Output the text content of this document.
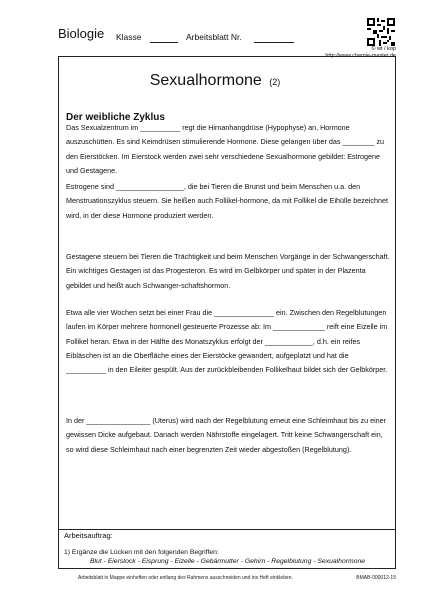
Biologie Klasse	Arbeitsblatt Nr.
© wt / kop
http://www.chemie-master.de
Sexualhormone (2)
Der weibliche Zyklus
Das Sexualzentrum im __________ regt die Hirnanhangdrüse (Hypophyse) an, Hormone auszuschütten. Es sind Keimdrüsen stimulierende Hormone. Diese gelangen über das ________ zu den Eierstöcken. Im Eierstock werden zwei sehr verschiedene Sexualhormone gebildet: Estrogene und Gestagene.
Estrogene sind _________________, die bei Tieren die Brunst und beim Menschen u.a. den Menstruationszyklus steuern. Sie heißen auch Follikel-hormone, da mit Follikel die Eihülle bezeichnet wird, in der diese Hormone produziert werden.
Gestagene steuern bei Tieren die Trächtigkeit und beim Menschen Vorgänge in der Schwangerschaft. Ein wichtiges Gestagen ist das Progesteron. Es wird im Gelbkörper und später in der Plazenta gebildet und heißt auch Schwanger-schaftshormon.
Etwa alle vier Wochen setzt bei einer Frau die _______________ ein. Zwischen den Regelblutungen laufen im Körper mehrere hormonell gesteuerte Prozesse ab: Im _____________ reift eine Eizelle im Follikel heran. Etwa in der Hälfte des Monatszyklus erfolgt der ____________, d.h. ein reifes Eibläschen ist an die Oberfläche eines der Eierstöcke gewandert, aufgeplatzt und hat die __________ in den Eileiter gespült. Aus der zurückbleibenden Follikelhaut bildet sich der Gelbkörper.
In der ________________ (Uterus) wird nach der Regelblutung erneut eine Schleimhaut bis zu einer gewissen Dicke aufgebaut. Danach werden Nährstoffe eingelagert. Tritt keine Schwangerschaft ein, so wird diese Schleimhaut nach einer begrenzten Zeit wieder abgestoßen (Regelblutung).
Arbeitsauftrag:
1) Ergänze die Lücken mit den folgenden Begriffen:
Blut - Eierstock - Eisprung - Eizelle - Gebärmutter - Gehirn - Regelblutung - Sexualhormone
Arbeitsblatt in Mappe einheften oder entlang des Rahmens ausschneiden und ins Heft einkleben.	BMAB-000012-15
